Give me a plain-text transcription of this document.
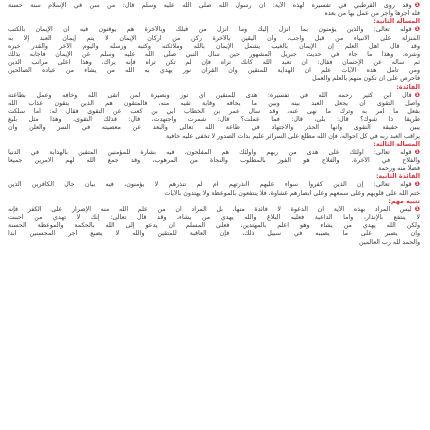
❶وقد روى القرطبي في تفسيره لهذه الآية: أن رسول الله صلى الله عليه وسلم قال: من سن في الإسلام سنة حسنة
فله أجرها وأجر من عمل بها من بعده
المسألة الثانية:
❶قوله تعالى: والذين يؤمنون بما أنزل إليك وما أنزل من قبلك وبالآخرة هم يوقنون فيه أن الإيمان بالكتب
المنزلة على الأنبياء من قبل واجب، وأن اليقين بالآخرة ركن من أركان الإيمان لا يتم إيمان العبد إلا به
وقد قال أهل العلم إن الإيمان بالغيب يشمل الإيمان بالله وملائكته وكتبه ورسله واليوم الآخر والقدر خيره
وشره، وهذا ما جاء في حديث جبريل المشهور حين سأل النبي صلى الله عليه وسلم عن الإيمان فأجابه بذلك
ثم سأله عن الإحسان فقال: أن تعبد الله كأنك تراه فإن لم تكن تراه فإنه يراك، وهذا أعلى مراتب الدين
ومن تأمل هذه الآيات علم أن الهداية للمتقين وأن القرآن نور يهدي به الله من يشاء من عباده الصالحين
فاحرص على أن تكون منهم بالعلم والعمل
الفائدة:
❶قال ابن كثير رحمه الله في تفسيره: هدى للمتقين أي نور وبصيرة لمن اتقى الله وخافه وعمل بطاعته
وأصل التقوى أن يجعل العبد بينه وبين ما يخافه وقاية تقيه منه، فالمتقون هم الذين يتقون عذاب الله
بفعل ما أمر به وترك ما نهى عنه، وقد سأل عمر بن الخطاب أبي بن كعب عن التقوى فقال له: أما سلكت
طريقا ذا شوك؟ قال: بلى، قال: فما عملت؟ قال: شمرت واجتهدت، قال: فذلك التقوى، وهذا مثل بليغ
يبين حقيقة التقوى وأنها الحذر والاجتهاد في طاعة الله تعالى والبعد عن معصيته في السر والعلن وأن
يراقب العبد ربه في كل أحواله، فإن الله مطلع على السرائر عليم بذات الصدور لا تخفى عليه خافية
المسألة الثالثة:
❶قوله تعالى: أولئك على هدى من ربهم وأولئك هم المفلحون، فيه بشارة للمؤمنين المتقين بالهداية في الدنيا
والفلاح في الآخرة، والفلاح هو الفوز بالمطلوب والنجاة من المرهوب، وقد جمع الله لهم الأمرين جميعا
فضلا منه ورحمة
الفائدة الثانية:
❶قوله تعالى: إن الذين كفروا سواء عليهم أأنذرتهم أم لم تنذرهم لا يؤمنون، فيه بيان حال الكافرين الذين
ختم الله على قلوبهم وعلى سمعهم وعلى أبصارهم غشاوة، فلا ينتفعون بالموعظة ولا يهتدون بالآيات
تنبيه مهم:
❶ليس المراد بهذه الآية أن الدعوة لا فائدة منها، بل المراد أن من علم الله منه الإصرار على الكفر فإنه
لا ينتفع بالإنذار، وأما الداعية فعليه البلاغ والله يهدي من يشاء، وقد قال تعالى: إنك لا تهدي من أحببت
ولكن الله يهدي من يشاء وهو أعلم بالمهتدين، فعلى المسلم أن يدعو إلى الله بالحكمة والموعظة الحسنة
وأن يصبر على ما يصيبه في سبيل ذلك، فإن العاقبة للمتقين والله لا يضيع أجر المحسنين أبدا
والحمد لله رب العالمين
